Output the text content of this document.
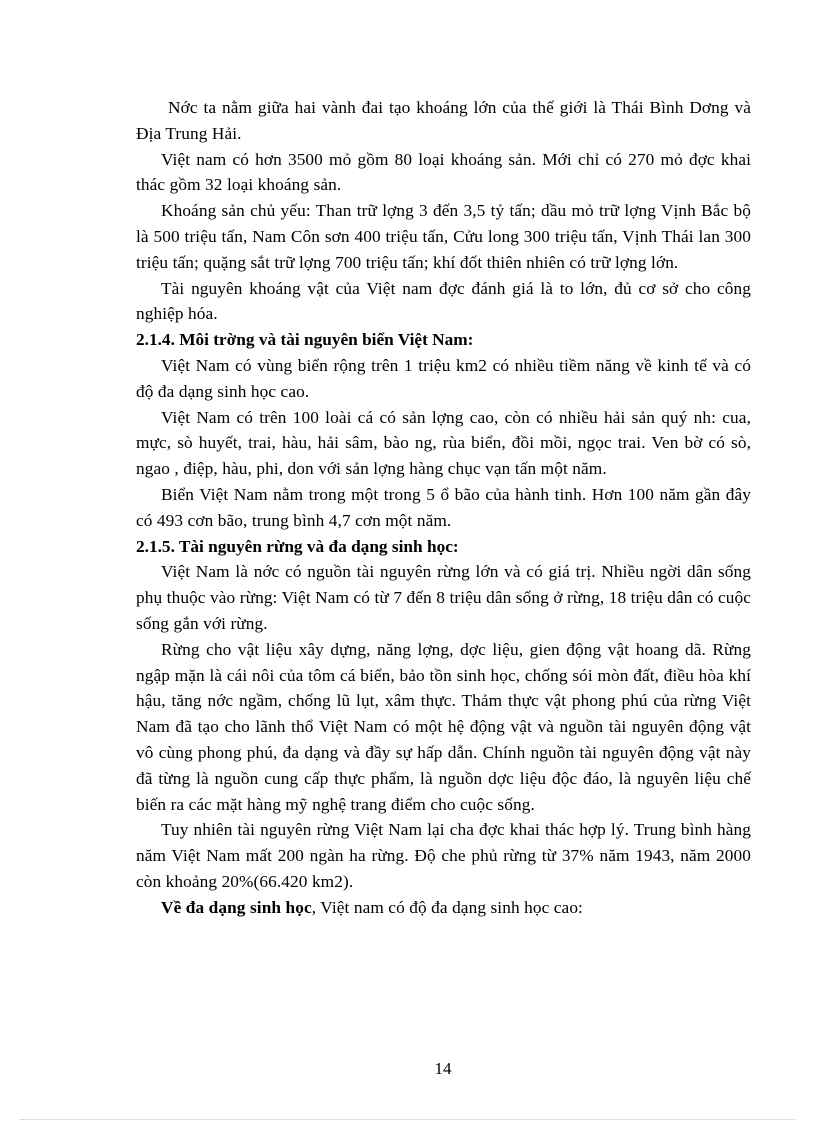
Nớc ta nằm giữa hai vành đai tạo khoáng lớn của thế giới là Thái Bình Dơng và Địa Trung Hải.

Việt nam có hơn 3500 mỏ gồm 80 loại khoáng sản. Mới chỉ có 270 mỏ đợc khai thác gồm 32 loại khoáng sản.

Khoáng sản chủ yếu: Than trữ lợng 3 đến 3,5 tỷ tấn; dầu mỏ trữ lợng Vịnh Bắc bộ là 500 triệu tấn, Nam Côn sơn 400 triệu tấn, Cửu long 300 triệu tấn, Vịnh Thái lan 300 triệu tấn; quặng sắt trữ lợng 700 triệu tấn; khí đốt thiên nhiên có trữ lợng lớn.

Tài nguyên khoáng vật của Việt nam đợc đánh giá là to lớn, đủ cơ sở cho công nghiệp hóa.

2.1.4. Môi trờng và tài nguyên biển Việt Nam:

Việt Nam có vùng biển rộng trên 1 triệu km2 có nhiều tiềm năng về kinh tế và có độ đa dạng sinh học cao.

Việt Nam có trên 100 loài cá có sản lợng cao, còn có nhiều hải sản quý nh: cua, mực, sò huyết, trai, hàu, hải sâm, bào ng, rùa biển, đồi mồi, ngọc trai. Ven bờ có sò, ngao , điệp, hàu, phi, don với sản lợng hàng chục vạn tấn một năm.

Biển Việt Nam nằm trong một trong 5 ổ bão của hành tinh. Hơn 100 năm gần đây có 493 cơn bão, trung bình 4,7 cơn một năm.

2.1.5. Tài nguyên rừng và đa dạng sinh học:

Việt Nam là nớc có nguồn tài nguyên rừng lớn và có giá trị. Nhiều ngời dân sống phụ thuộc vào rừng: Việt Nam có từ 7 đến 8 triệu dân sống ở rừng, 18 triệu dân có cuộc sống gắn với rừng.

Rừng cho vật liệu xây dựng, năng lợng, dợc liệu, gien động vật hoang dã. Rừng ngập mặn là cái nôi của tôm cá biển, bảo tồn sinh học, chống sói mòn đất, điều hòa khí hậu, tăng nớc ngầm, chống lũ lụt, xâm thực. Thảm thực vật phong phú của rừng Việt Nam đã tạo cho lãnh thổ Việt Nam có một hệ động vật và nguồn tài nguyên động vật vô cùng phong phú, đa dạng và đầy sự hấp dẫn. Chính nguồn tài nguyên động vật này đã từng là nguồn cung cấp thực phẩm, là nguồn dợc liệu độc đáo, là nguyên liệu chế biến ra các mặt hàng mỹ nghệ trang điểm cho cuộc sống.

Tuy nhiên tài nguyên rừng Việt Nam lại cha đợc khai thác hợp lý. Trung bình hàng năm Việt Nam mất 200 ngàn ha rừng. Độ che phủ rừng từ 37% năm 1943, năm 2000 còn khoảng 20%(66.420 km2).

Về đa dạng sinh học, Việt nam có độ đa dạng sinh học cao:

14
